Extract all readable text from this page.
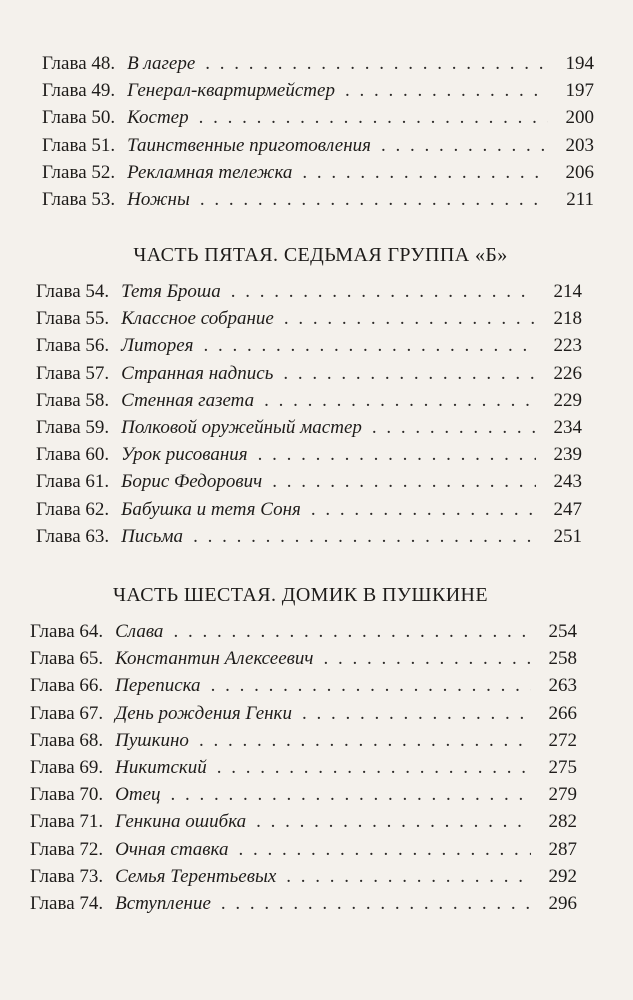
Глава 48. В лагере . . .	194
Глава 49. Генерал-квартирмейстер . . .	197
Глава 50. Костер . . .	200
Глава 51. Таинственные приготовления . . .	203
Глава 52. Рекламная тележка . . .	206
Глава 53. Ножны . . .	211
ЧАСТЬ ПЯТАЯ. СЕДЬМАЯ ГРУППА «Б»
Глава 54. Тетя Броша . . .	214
Глава 55. Классное собрание . . .	218
Глава 56. Литорея . . .	223
Глава 57. Странная надпись . . .	226
Глава 58. Стенная газета . . .	229
Глава 59. Полковой оружейный мастер . . .	234
Глава 60. Урок рисования . . .	239
Глава 61. Борис Федорович . . .	243
Глава 62. Бабушка и тетя Соня . . .	247
Глава 63. Письма . . .	251
ЧАСТЬ ШЕСТАЯ. ДОМИК В ПУШКИНЕ
Глава 64. Слава . . .	254
Глава 65. Константин Алексеевич . . .	258
Глава 66. Переписка . . .	263
Глава 67. День рождения Генки . . .	266
Глава 68. Пушкино . . .	272
Глава 69. Никитский . . .	275
Глава 70. Отец . . .	279
Глава 71. Генкина ошибка . . .	282
Глава 72. Очная ставка . . .	287
Глава 73. Семья Терентьевых . . .	292
Глава 74. Вступление . . .	296
